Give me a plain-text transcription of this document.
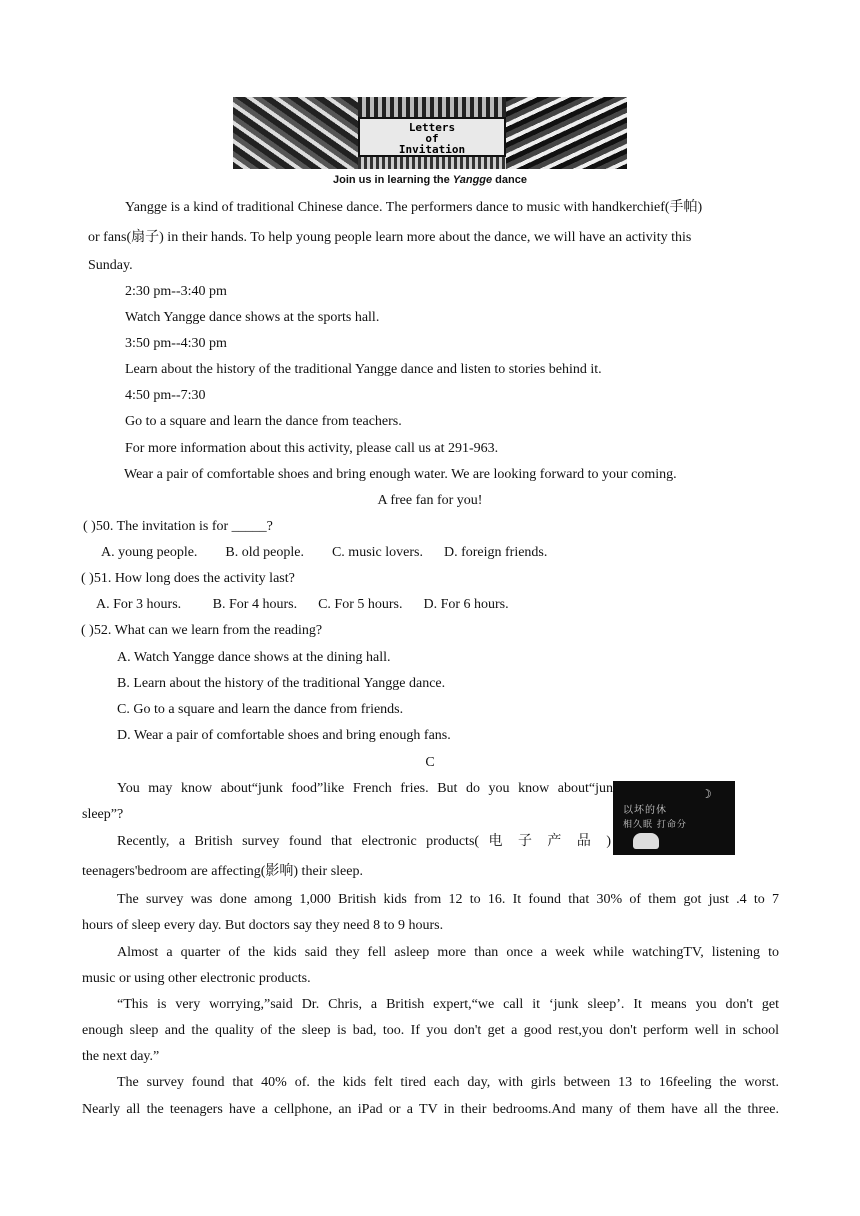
Letters
of
Invitation
Join us in learning the Yangge dance
Yangge is a kind of traditional Chinese dance. The performers dance to music with handkerchief(手帕)
or fans(扇子) in their hands. To help young people learn more about the dance, we will have an activity this
Sunday.
2:30 pm--3:40 pm
Watch Yangge dance shows at the sports hall.
3:50 pm--4:30 pm
Learn about the history of the traditional Yangge dance and listen to stories behind it.
4:50 pm--7:30
Go to a square and learn the dance from teachers.
For more information about this activity, please call us at 291-963.
Wear a pair of comfortable shoes and bring enough water. We are looking forward to your coming.
A free fan for you!
( )50. The invitation is for _____?
A. young people.        B. old people.        C. music lovers.      D. foreign friends.
( )51. How long does the activity last?
A. For 3 hours.         B. For 4 hours.      C. For 5 hours.      D. For 6 hours.
( )52. What can we learn from the reading?
A. Watch Yangge dance shows at the dining hall.
B. Learn about the history of the traditional Yangge dance.
C. Go to a square and learn the dance from friends.
D. Wear a pair of comfortable shoes and bring enough fans.
C
You may know about“junk food”like French fries. But do you know about“jun
sleep”?
Recently, a British survey found that electronic products( 电 子 产 品 )
teenagers'bedroom are affecting(影响) their sleep.
☽
以坏的休
相久眠 打命分
The survey was done among 1,000 British kids from 12 to 16. It found that 30% of them got just .4 to 7
hours of sleep every day. But doctors say they need 8 to 9 hours.
Almost a quarter of the kids said they fell asleep more than once a week while watchingTV, listening to
music or using other electronic products.
“This is very worrying,”said Dr. Chris, a British expert,“we call it ‘junk sleep’. It means you don't get
enough sleep and the quality of the sleep is bad, too. If you don't get a good rest,you don't perform well in school
the next day.”
The survey found that 40% of. the kids felt tired each day, with girls between 13 to 16feeling the worst.
Nearly all the teenagers have a cellphone, an iPad or a TV in their bedrooms.And many of them have all the three.
